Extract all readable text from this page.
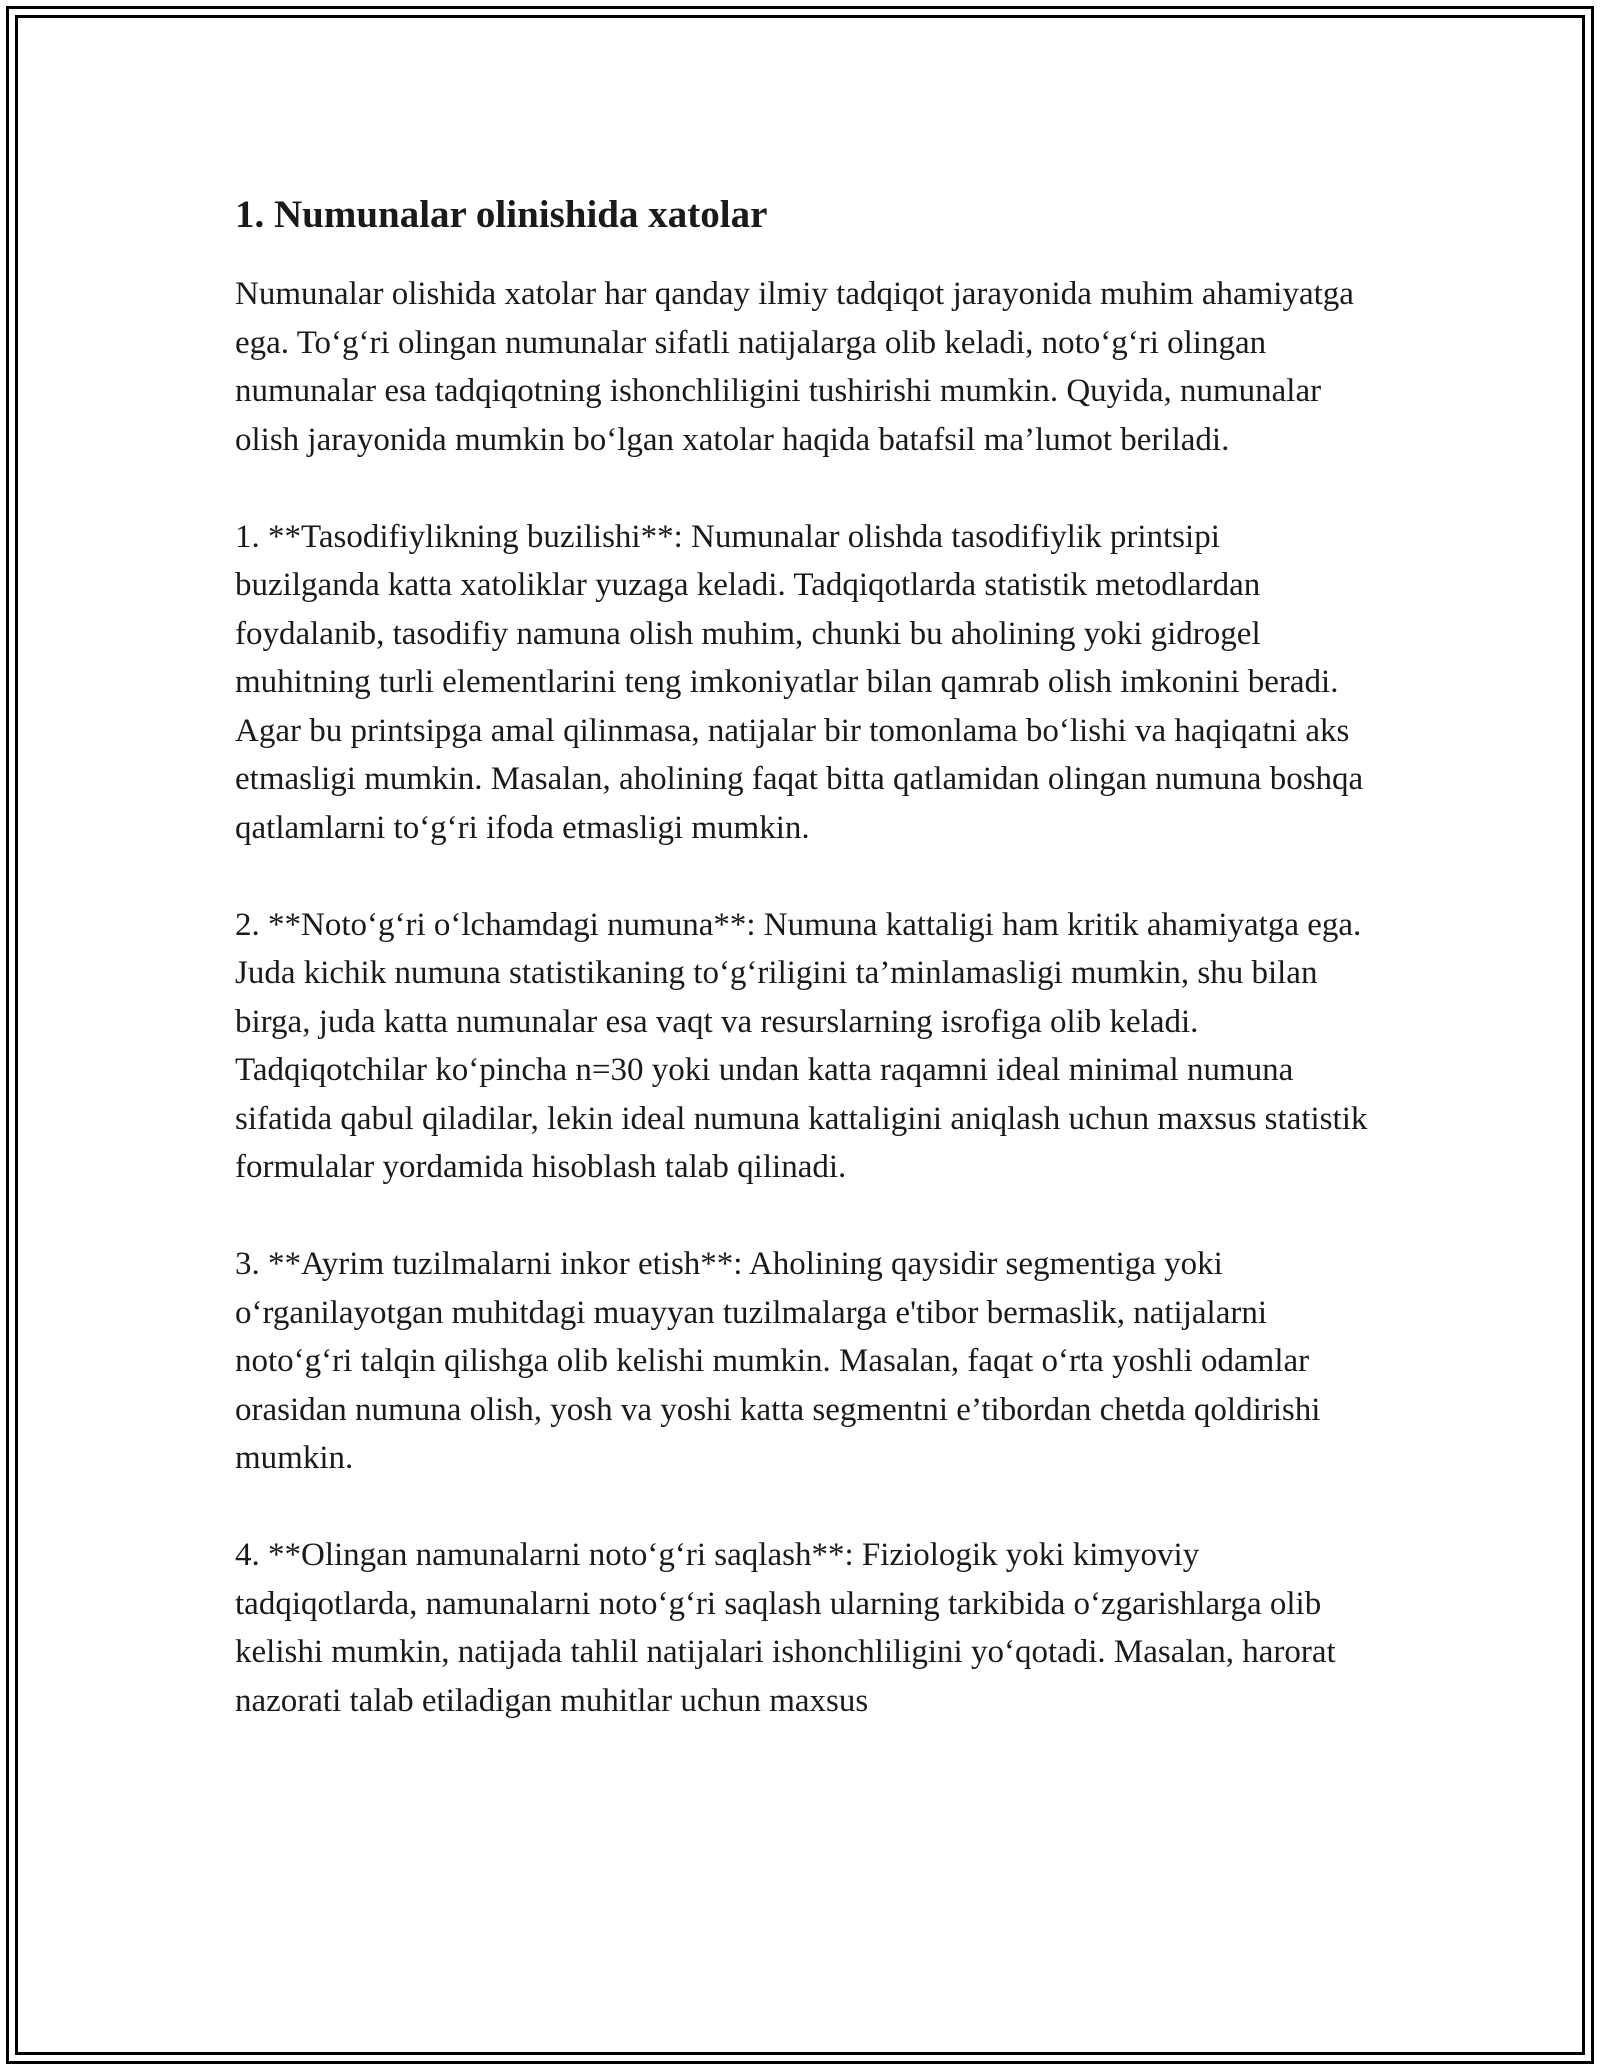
1. Numunalar olinishida xatolar

Numunalar olishida xatolar har qanday ilmiy tadqiqot jarayonida muhim ahamiyatga ega. To‘g‘ri olingan numunalar sifatli natijalarga olib keladi, noto‘g‘ri olingan numunalar esa tadqiqotning ishonchliligini tushirishi mumkin. Quyida, numunalar olish jarayonida mumkin bo‘lgan xatolar haqida batafsil ma’lumot beriladi.

1. **Tasodifiylikning buzilishi**: Numunalar olishda tasodifiylik printsipi buzilganda katta xatoliklar yuzaga keladi. Tadqiqotlarda statistik metodlardan foydalanib, tasodifiy namuna olish muhim, chunki bu aholining yoki gidrogel muhitning turli elementlarini teng imkoniyatlar bilan qamrab olish imkonini beradi. Agar bu printsipga amal qilinmasa, natijalar bir tomonlama bo‘lishi va haqiqatni aks etmasligi mumkin. Masalan, aholining faqat bitta qatlamidan olingan numuna boshqa qatlamlarni to‘g‘ri ifoda etmasligi mumkin.

2. **Noto‘g‘ri o‘lchamdagi numuna**: Numuna kattaligi ham kritik ahamiyatga ega. Juda kichik numuna statistikaning to‘g‘riligini ta’minlamasligi mumkin, shu bilan birga, juda katta numunalar esa vaqt va resurslarning isrofiga olib keladi. Tadqiqotchilar ko‘pincha n=30 yoki undan katta raqamni ideal minimal numuna sifatida qabul qiladilar, lekin ideal numuna kattaligini aniqlash uchun maxsus statistik formulalar yordamida hisoblash talab qilinadi.

3. **Ayrim tuzilmalarni inkor etish**: Aholining qaysidir segmentiga yoki o‘rganilayotgan muhitdagi muayyan tuzilmalarga e'tibor bermaslik, natijalarni noto‘g‘ri talqin qilishga olib kelishi mumkin. Masalan, faqat o‘rta yoshli odamlar orasidan numuna olish, yosh va yoshi katta segmentni e’tibordan chetda qoldirishi mumkin.

4. **Olingan namunalarni noto‘g‘ri saqlash**: Fiziologik yoki kimyoviy tadqiqotlarda, namunalarni noto‘g‘ri saqlash ularning tarkibida o‘zgarishlarga olib kelishi mumkin, natijada tahlil natijalari ishonchliligini yo‘qotadi. Masalan, harorat nazorati talab etiladigan muhitlar uchun maxsus
